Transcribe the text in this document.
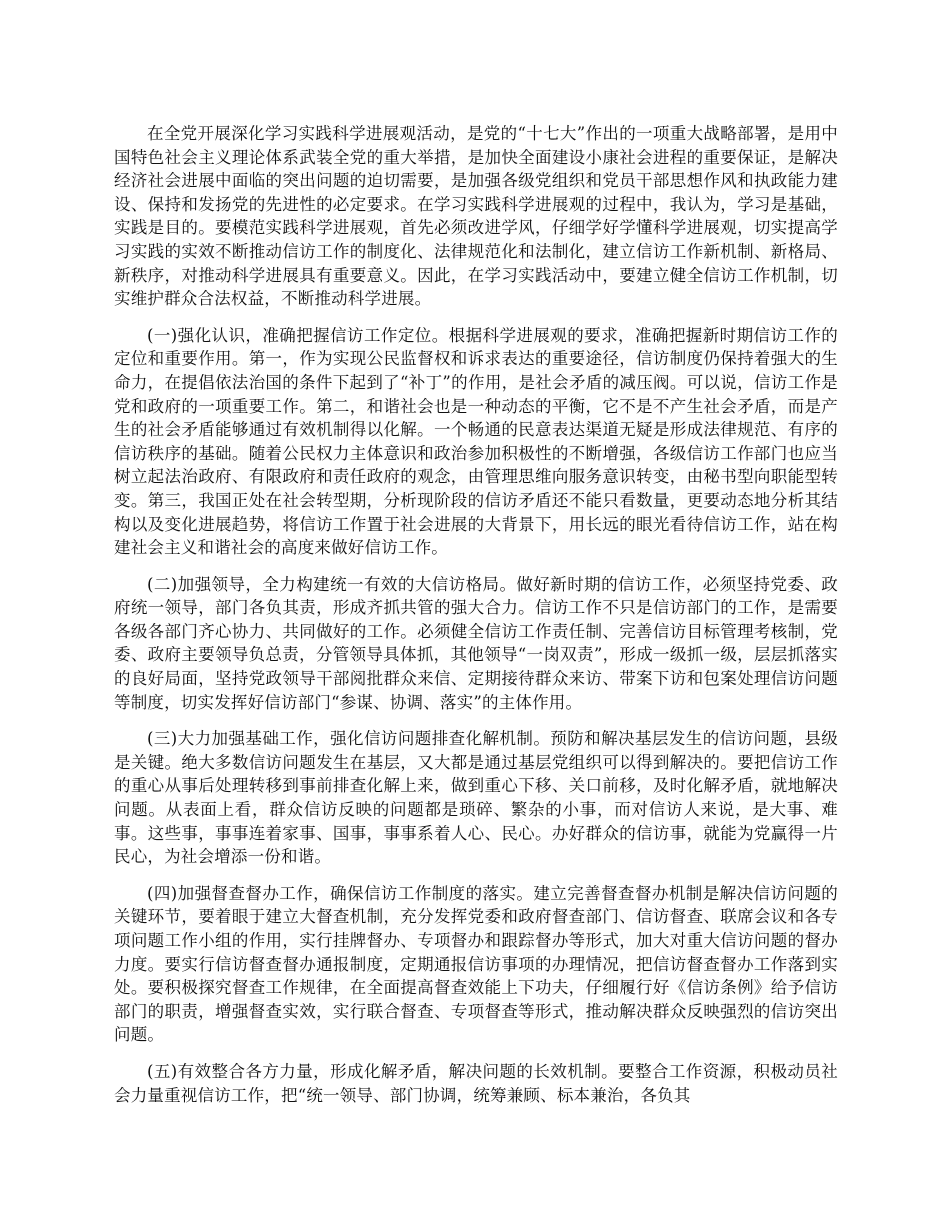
在全党开展深化学习实践科学进展观活动，是党的“十七大”作出的一项重大战略部署，是用中国特色社会主义理论体系武装全党的重大举措，是加快全面建设小康社会进程的重要保证，是解决经济社会进展中面临的突出问题的迫切需要，是加强各级党组织和党员干部思想作风和执政能力建设、保持和发扬党的先进性的必定要求。在学习实践科学进展观的过程中，我认为，学习是基础，实践是目的。要模范实践科学进展观，首先必须改进学风，仔细学好学懂科学进展观，切实提高学习实践的实效不断推动信访工作的制度化、法律规范化和法制化，建立信访工作新机制、新格局、新秩序，对推动科学进展具有重要意义。因此，在学习实践活动中，要建立健全信访工作机制，切实维护群众合法权益，不断推动科学进展。

(一)强化认识，准确把握信访工作定位。根据科学进展观的要求，准确把握新时期信访工作的定位和重要作用。第一，作为实现公民监督权和诉求表达的重要途径，信访制度仍保持着强大的生命力，在提倡依法治国的条件下起到了“补丁”的作用，是社会矛盾的减压阀。可以说，信访工作是党和政府的一项重要工作。第二，和谐社会也是一种动态的平衡，它不是不产生社会矛盾，而是产生的社会矛盾能够通过有效机制得以化解。一个畅通的民意表达渠道无疑是形成法律规范、有序的信访秩序的基础。随着公民权力主体意识和政治参加积极性的不断增强，各级信访工作部门也应当树立起法治政府、有限政府和责任政府的观念，由管理思维向服务意识转变，由秘书型向职能型转变。第三，我国正处在社会转型期，分析现阶段的信访矛盾还不能只看数量，更要动态地分析其结构以及变化进展趋势，将信访工作置于社会进展的大背景下，用长远的眼光看待信访工作，站在构建社会主义和谐社会的高度来做好信访工作。

(二)加强领导，全力构建统一有效的大信访格局。做好新时期的信访工作，必须坚持党委、政府统一领导，部门各负其责，形成齐抓共管的强大合力。信访工作不只是信访部门的工作，是需要各级各部门齐心协力、共同做好的工作。必须健全信访工作责任制、完善信访目标管理考核制，党委、政府主要领导负总责，分管领导具体抓，其他领导“一岗双责”，形成一级抓一级，层层抓落实的良好局面，坚持党政领导干部阅批群众来信、定期接待群众来访、带案下访和包案处理信访问题等制度，切实发挥好信访部门“参谋、协调、落实”的主体作用。

(三)大力加强基础工作，强化信访问题排查化解机制。预防和解决基层发生的信访问题，县级是关键。绝大多数信访问题发生在基层，又大都是通过基层党组织可以得到解决的。要把信访工作的重心从事后处理转移到事前排查化解上来，做到重心下移、关口前移，及时化解矛盾，就地解决问题。从表面上看，群众信访反映的问题都是琐碎、繁杂的小事，而对信访人来说，是大事、难事。这些事，事事连着家事、国事，事事系着人心、民心。办好群众的信访事，就能为党赢得一片民心，为社会增添一份和谐。

(四)加强督查督办工作，确保信访工作制度的落实。建立完善督查督办机制是解决信访问题的关键环节，要着眼于建立大督查机制，充分发挥党委和政府督查部门、信访督查、联席会议和各专项问题工作小组的作用，实行挂牌督办、专项督办和跟踪督办等形式，加大对重大信访问题的督办力度。要实行信访督查督办通报制度，定期通报信访事项的办理情况，把信访督查督办工作落到实处。要积极探究督查工作规律，在全面提高督查效能上下功夫，仔细履行好《信访条例》给予信访部门的职责，增强督查实效，实行联合督查、专项督查等形式，推动解决群众反映强烈的信访突出问题。

(五)有效整合各方力量，形成化解矛盾，解决问题的长效机制。要整合工作资源，积极动员社会力量重视信访工作，把“统一领导、部门协调，统筹兼顾、标本兼治，各负其
